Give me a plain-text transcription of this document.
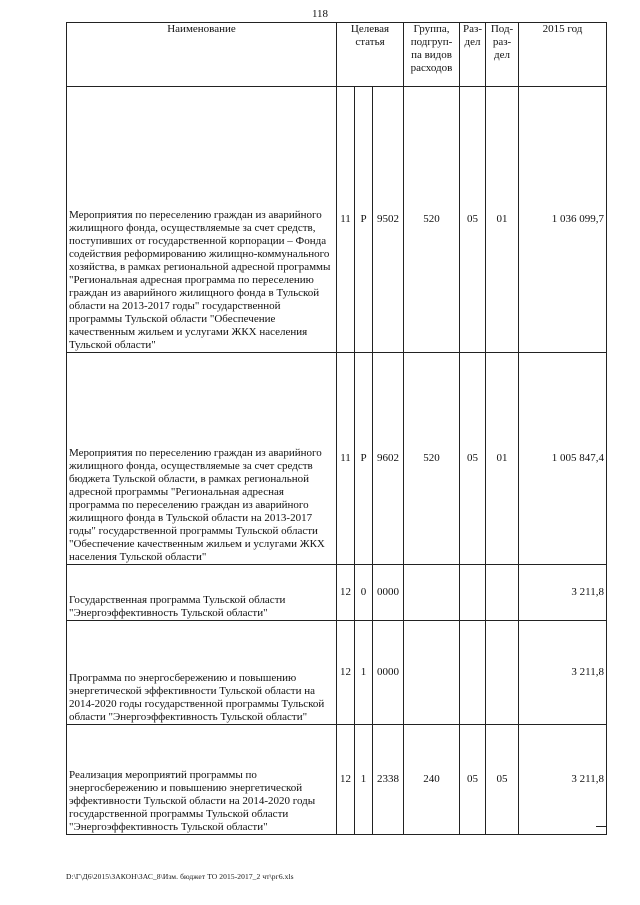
118
Наименование	Целевая статья			Группа, подгруп-па видов расходов	Раз-дел	Под-раз-дел	2015 год
Мероприятия по переселению граждан из аварийного жилищного фонда, осуществляемые за счет средств, поступивших от государственной корпорации – Фонда содействия реформированию жилищно-коммунального хозяйства, в рамках региональной адресной программы "Региональная адресная программа по переселению граждан из аварийного жилищного фонда в Тульской области на 2013-2017 годы" государственной программы Тульской области "Обеспечение качественным жильем и услугами ЖКХ населения Тульской области"	11	Р	9502	520	05	01	1 036 099,7
Мероприятия по переселению граждан из аварийного жилищного фонда, осуществляемые за счет средств бюджета Тульской области, в рамках региональной адресной программы "Региональная адресная программа по переселению граждан из аварийного жилищного фонда в Тульской области на 2013-2017 годы" государственной программы Тульской области "Обеспечение качественным жильем и услугами ЖКХ населения Тульской области"	11	Р	9602	520	05	01	1 005 847,4
Государственная программа Тульской области "Энергоэффективность Тульской области"	12	0	0000				3 211,8
Программа по энергосбережению и повышению энергетической эффективности Тульской области на 2014-2020 годы государственной программы Тульской области "Энергоэффективность Тульской области"	12	1	0000				3 211,8
Реализация мероприятий программы по энергосбережению и повышению энергетической эффективности Тульской области на 2014-2020 годы государственной программы Тульской области "Энергоэффективность Тульской области"	12	1	2338	240	05	05	3 211,8
D:\Г\Д6\2015\ЗАКОН\ЗАС_8\Изм. бюджет ТО 2015-2017_2 чт\рг6.xls
